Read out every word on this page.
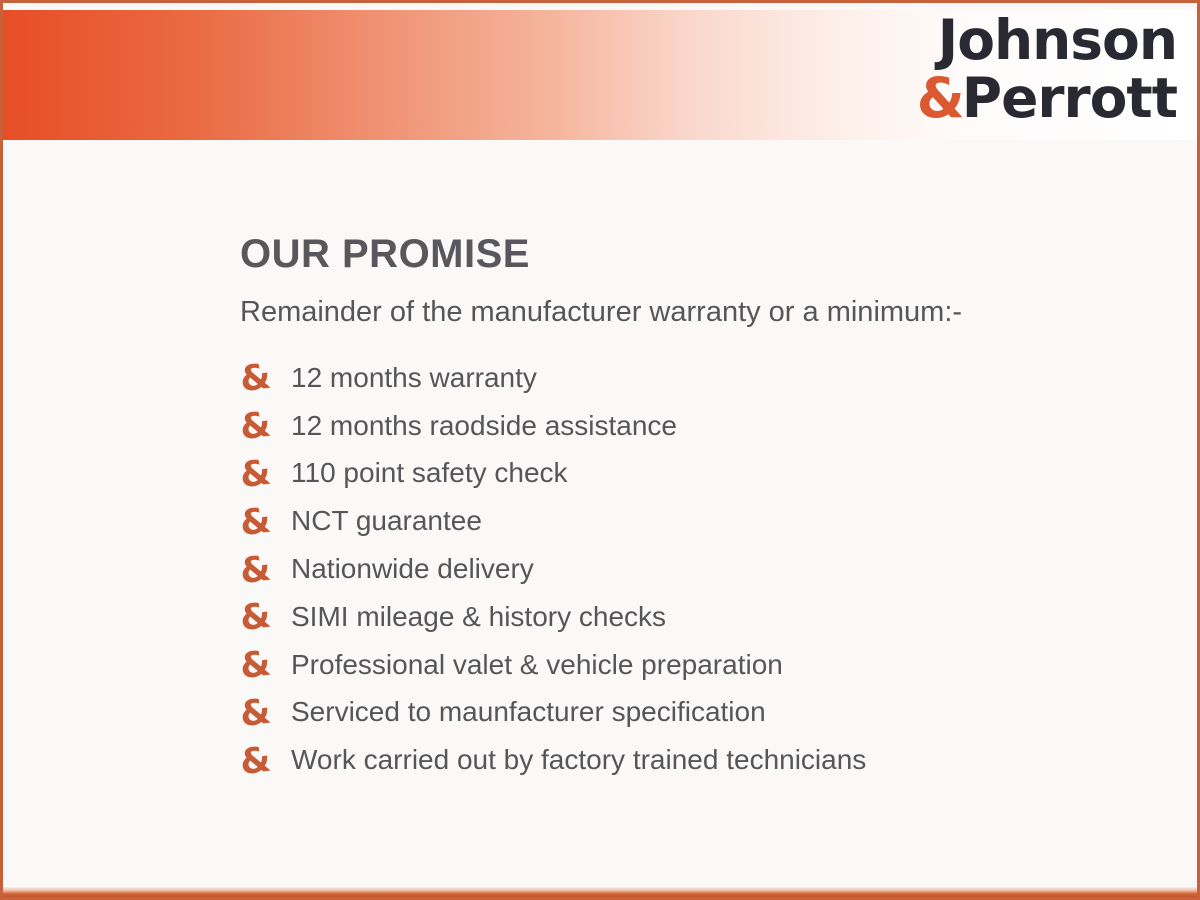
Johnson
&Perrott
OUR PROMISE

Remainder of the manufacturer warranty or a minimum:-

& 12 months warranty
& 12 months raodside assistance
& 110 point safety check
& NCT guarantee
& Nationwide delivery
& SIMI mileage & history checks
& Professional valet & vehicle preparation
& Serviced to maunfacturer specification
& Work carried out by factory trained technicians
